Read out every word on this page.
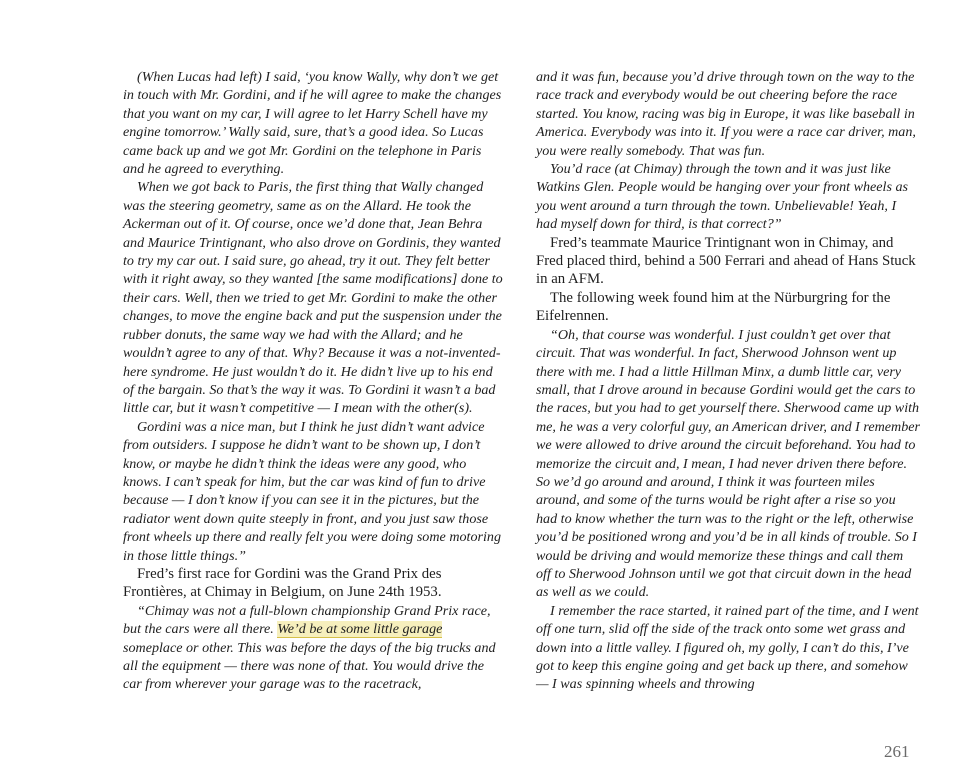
(When Lucas had left) I said, ‘you know Wally, why don’t we get in touch with Mr. Gordini, and if he will agree to make the changes that you want on my car, I will agree to let Harry Schell have my engine tomorrow.’ Wally said, sure, that’s a good idea. So Lucas came back up and we got Mr. Gordini on the telephone in Paris and he agreed to everything.

When we got back to Paris, the first thing that Wally changed was the steering geometry, same as on the Allard. He took the Ackerman out of it. Of course, once we’d done that, Jean Behra and Maurice Trintignant, who also drove on Gordinis, they wanted to try my car out. I said sure, go ahead, try it out. They felt better with it right away, so they wanted [the same modifications] done to their cars. Well, then we tried to get Mr. Gordini to make the other changes, to move the engine back and put the suspension under the rubber donuts, the same way we had with the Allard; and he wouldn’t agree to any of that. Why? Because it was a not-invented-here syndrome. He just wouldn’t do it. He didn’t live up to his end of the bargain. So that’s the way it was. To Gordini it wasn’t a bad little car, but it wasn’t competitive — I mean with the other(s).

Gordini was a nice man, but I think he just didn’t want advice from outsiders. I suppose he didn’t want to be shown up, I don’t know, or maybe he didn’t think the ideas were any good, who knows. I can’t speak for him, but the car was kind of fun to drive because — I don’t know if you can see it in the pictures, but the radiator went down quite steeply in front, and you just saw those front wheels up there and really felt you were doing some motoring in those little things.”

Fred’s first race for Gordini was the Grand Prix des Frontières, at Chimay in Belgium, on June 24th 1953.

“Chimay was not a full-blown championship Grand Prix race, but the cars were all there. We’d be at some little garage someplace or other. This was before the days of the big trucks and all the equipment — there was none of that. You would drive the car from wherever your garage was to the racetrack,

and it was fun, because you’d drive through town on the way to the race track and everybody would be out cheering before the race started. You know, racing was big in Europe, it was like baseball in America. Everybody was into it. If you were a race car driver, man, you were really somebody. That was fun.

You’d race (at Chimay) through the town and it was just like Watkins Glen. People would be hanging over your front wheels as you went around a turn through the town. Unbelievable! Yeah, I had myself down for third, is that correct?”

Fred’s teammate Maurice Trintignant won in Chimay, and Fred placed third, behind a 500 Ferrari and ahead of Hans Stuck in an AFM.

The following week found him at the Nürburgring for the Eifelrennen.

“Oh, that course was wonderful. I just couldn’t get over that circuit. That was wonderful. In fact, Sherwood Johnson went up there with me. I had a little Hillman Minx, a dumb little car, very small, that I drove around in because Gordini would get the cars to the races, but you had to get yourself there. Sherwood came up with me, he was a very colorful guy, an American driver, and I remember we were allowed to drive around the circuit beforehand. You had to memorize the circuit and, I mean, I had never driven there before. So we’d go around and around, I think it was fourteen miles around, and some of the turns would be right after a rise so you had to know whether the turn was to the right or the left, otherwise you’d be positioned wrong and you’d be in all kinds of trouble. So I would be driving and would memorize these things and call them off to Sherwood Johnson until we got that circuit down in the head as well as we could.

I remember the race started, it rained part of the time, and I went off one turn, slid off the side of the track onto some wet grass and down into a little valley. I figured oh, my golly, I can’t do this, I’ve got to keep this engine going and get back up there, and somehow — I was spinning wheels and throwing

261
